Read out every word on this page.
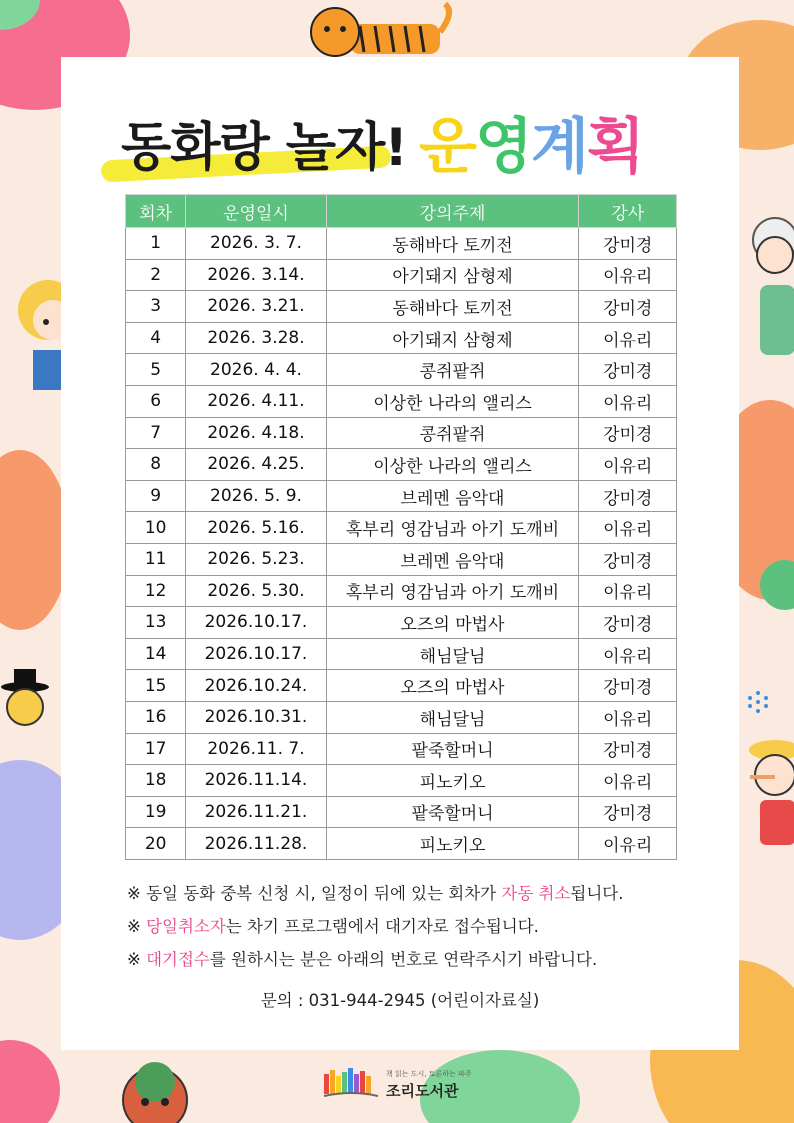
동화랑 놀자! 운영계획
회차	운영일시	강의주제	강사
1	2026. 3. 7.	동해바다 토끼전	강미경
2	2026. 3.14.	아기돼지 삼형제	이유리
3	2026. 3.21.	동해바다 토끼전	강미경
4	2026. 3.28.	아기돼지 삼형제	이유리
5	2026. 4. 4.	콩쥐팥쥐	강미경
6	2026. 4.11.	이상한 나라의 앨리스	이유리
7	2026. 4.18.	콩쥐팥쥐	강미경
8	2026. 4.25.	이상한 나라의 앨리스	이유리
9	2026. 5. 9.	브레멘 음악대	강미경
10	2026. 5.16.	혹부리 영감님과 아기 도깨비	이유리
11	2026. 5.23.	브레멘 음악대	강미경
12	2026. 5.30.	혹부리 영감님과 아기 도깨비	이유리
13	2026.10.17.	오즈의 마법사	강미경
14	2026.10.17.	해님달님	이유리
15	2026.10.24.	오즈의 마법사	강미경
16	2026.10.31.	해님달님	이유리
17	2026.11. 7.	팥죽할머니	강미경
18	2026.11.14.	피노키오	이유리
19	2026.11.21.	팥죽할머니	강미경
20	2026.11.28.	피노키오	이유리
※ 동일 동화 중복 신청 시, 일정이 뒤에 있는 회차가 자동 취소됩니다.
※ 당일취소자는 차기 프로그램에서 대기자로 접수됩니다.
※ 대기접수를 원하시는 분은 아래의 번호로 연락주시기 바랍니다.
문의 : 031-944-2945 (어린이자료실)
책 읽는 도시, 토론하는 파주
조리도서관
